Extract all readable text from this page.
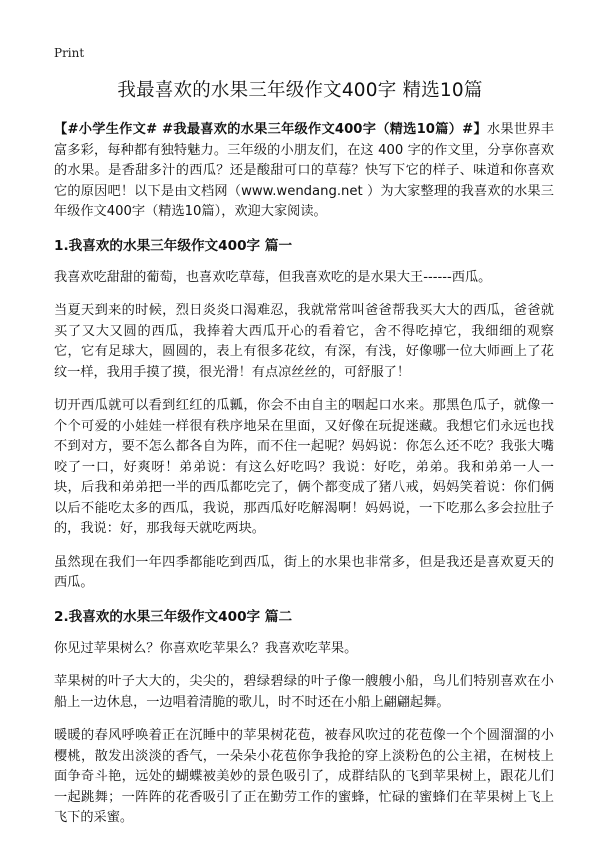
Print
我最喜欢的水果三年级作文400字 精选10篇

【#小学生作文# #我最喜欢的水果三年级作文400字（精选10篇）#】水果世界丰富多彩，每种都有独特魅力。三年级的小朋友们，在这 400 字的作文里，分享你喜欢的水果。是香甜多汁的西瓜？还是酸甜可口的草莓？快写下它的样子、味道和你喜欢它的原因吧！以下是由文档网（www.wendang.net ）为大家整理的我喜欢的水果三年级作文400字（精选10篇），欢迎大家阅读。

1.我喜欢的水果三年级作文400字 篇一

我喜欢吃甜甜的葡萄，也喜欢吃草莓，但我喜欢吃的是水果大王------西瓜。

当夏天到来的时候，烈日炎炎口渴难忍，我就常常叫爸爸帮我买大大的西瓜，爸爸就买了又大又圆的西瓜，我捧着大西瓜开心的看着它，舍不得吃掉它，我细细的观察它，它有足球大，圆圆的，表上有很多花纹，有深，有浅，好像哪一位大师画上了花纹一样，我用手摸了摸，很光滑！有点凉丝丝的，可舒服了！

切开西瓜就可以看到红红的瓜瓤，你会不由自主的咽起口水来。那黑色瓜子，就像一个个可爱的小娃娃一样很有秩序地呆在里面，又好像在玩捉迷藏。我想它们永远也找不到对方，要不怎么都各自为阵，而不住一起呢？妈妈说：你怎么还不吃？我张大嘴咬了一口，好爽呀！弟弟说：有这么好吃吗？我说：好吃，弟弟。我和弟弟一人一块，后我和弟弟把一半的西瓜都吃完了，俩个都变成了猪八戒，妈妈笑着说：你们俩以后不能吃太多的西瓜，我说，那西瓜好吃解渴啊！妈妈说，一下吃那么多会拉肚子的，我说：好，那我每天就吃两块。

虽然现在我们一年四季都能吃到西瓜，街上的水果也非常多，但是我还是喜欢夏天的西瓜。

2.我喜欢的水果三年级作文400字 篇二

你见过苹果树么？你喜欢吃苹果么？我喜欢吃苹果。

苹果树的叶子大大的，尖尖的，碧绿碧绿的叶子像一艘艘小船，鸟儿们特别喜欢在小船上一边休息，一边唱着清脆的歌儿，时不时还在小船上翩翩起舞。

暖暖的春风呼唤着正在沉睡中的苹果树花苞，被春风吹过的花苞像一个个圆溜溜的小樱桃，散发出淡淡的香气，一朵朵小花苞你争我抢的穿上淡粉色的公主裙，在树枝上面争奇斗艳，远处的蝴蝶被美妙的景色吸引了，成群结队的飞到苹果树上，跟花儿们一起跳舞；一阵阵的花香吸引了正在勤劳工作的蜜蜂，忙碌的蜜蜂们在苹果树上飞上飞下的采蜜。
